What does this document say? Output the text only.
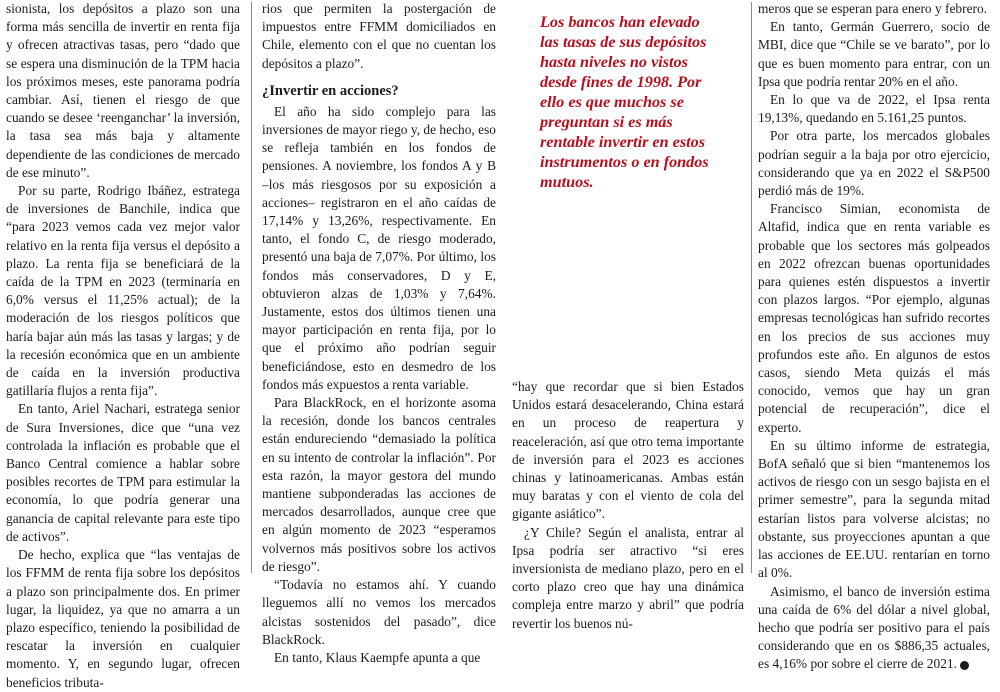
sionista, los depósitos a plazo son una forma más sencilla de invertir en renta fija y ofrecen atractivas tasas, pero “dado que se espera una disminución de la TPM hacia los próximos meses, este panorama podría cambiar. Así, tienen el riesgo de que cuando se desee ‘reenganchar’ la inversión, la tasa sea más baja y altamente dependiente de las condiciones de mercado de ese minuto”.

Por su parte, Rodrigo Ibáñez, estratega de inversiones de Banchile, indica que “para 2023 vemos cada vez mejor valor relativo en la renta fija versus el depósito a plazo. La renta fija se beneficiará de la caída de la TPM en 2023 (terminaría en 6,0% versus el 11,25% actual); de la moderación de los riesgos políticos que haría bajar aún más las tasas y largas; y de la recesión económica que en un ambiente de caída en la inversión productiva gatillaría flujos a renta fija”.

En tanto, Ariel Nachari, estratega senior de Sura Inversiones, dice que “una vez controlada la inflación es probable que el Banco Central comience a hablar sobre posibles recortes de TPM para estimular la economía, lo que podría generar una ganancia de capital relevante para este tipo de activos”.

De hecho, explica que “las ventajas de los FFMM de renta fija sobre los depósitos a plazo son principalmente dos. En primer lugar, la liquidez, ya que no amarra a un plazo específico, teniendo la posibilidad de rescatar la inversión en cualquier momento. Y, en segundo lugar, ofrecen beneficios tributa-

rios que permiten la postergación de impuestos entre FFMM domiciliados en Chile, elemento con el que no cuentan los depósitos a plazo”.

¿Invertir en acciones?

El año ha sido complejo para las inversiones de mayor riego y, de hecho, eso se refleja también en los fondos de pensiones. A noviembre, los fondos A y B –los más riesgosos por su exposición a acciones– registraron en el año caídas de 17,14% y 13,26%, respectivamente. En tanto, el fondo C, de riesgo moderado, presentó una baja de 7,07%. Por último, los fondos más conservadores, D y E, obtuvieron alzas de 1,03% y 7,64%. Justamente, estos dos últimos tienen una mayor participación en renta fija, por lo que el próximo año podrían seguir beneficiándose, esto en desmedro de los fondos más expuestos a renta variable.

Para BlackRock, en el horizonte asoma la recesión, donde los bancos centrales están endureciendo “demasiado la política en su intento de controlar la inflación”. Por esta razón, la mayor gestora del mundo mantiene subponderadas las acciones de mercados desarrollados, aunque cree que en algún momento de 2023 “esperamos volvernos más positivos sobre los activos de riesgo”.

“Todavía no estamos ahí. Y cuando lleguemos allí no vemos los mercados alcistas sostenidos del pasado”, dice BlackRock.

En tanto, Klaus Kaempfe apunta a que

Los bancos han elevado las tasas de sus depósitos hasta niveles no vistos desde fines de 1998. Por ello es que muchos se preguntan si es más rentable invertir en estos instrumentos o en fondos mutuos.

“hay que recordar que si bien Estados Unidos estará desacelerando, China estará en un proceso de reapertura y reaceleración, así que otro tema importante de inversión para el 2023 es acciones chinas y latinoamericanas. Ambas están muy baratas y con el viento de cola del gigante asiático”.

¿Y Chile? Según el analista, entrar al Ipsa podría ser atractivo “si eres inversionista de mediano plazo, pero en el corto plazo creo que hay una dinámica compleja entre marzo y abril” que podría revertir los buenos nú-

meros que se esperan para enero y febrero.

En tanto, Germán Guerrero, socio de MBI, dice que “Chile se ve barato”, por lo que es buen momento para entrar, con un Ipsa que podría rentar 20% en el año.

En lo que va de 2022, el Ipsa renta 19,13%, quedando en 5.161,25 puntos.

Por otra parte, los mercados globales podrían seguir a la baja por otro ejercicio, considerando que ya en 2022 el S&P500 perdió más de 19%.

Francisco Simian, economista de Altafid, indica que en renta variable es probable que los sectores más golpeados en 2022 ofrezcan buenas oportunidades para quienes estén dispuestos a invertir con plazos largos. “Por ejemplo, algunas empresas tecnológicas han sufrido recortes en los precios de sus acciones muy profundos este año. En algunos de estos casos, siendo Meta quizás el más conocido, vemos que hay un gran potencial de recuperación”, dice el experto.

En su último informe de estrategia, BofA señaló que si bien “mantenemos los activos de riesgo con un sesgo bajista en el primer semestre”, para la segunda mitad estarían listos para volverse alcistas; no obstante, sus proyecciones apuntan a que las acciones de EE.UU. rentarían en torno al 0%.

Asimismo, el banco de inversión estima una caída de 6% del dólar a nivel global, hecho que podría ser positivo para el país considerando que en os $886,35 actuales, es 4,16% por sobre el cierre de 2021.
